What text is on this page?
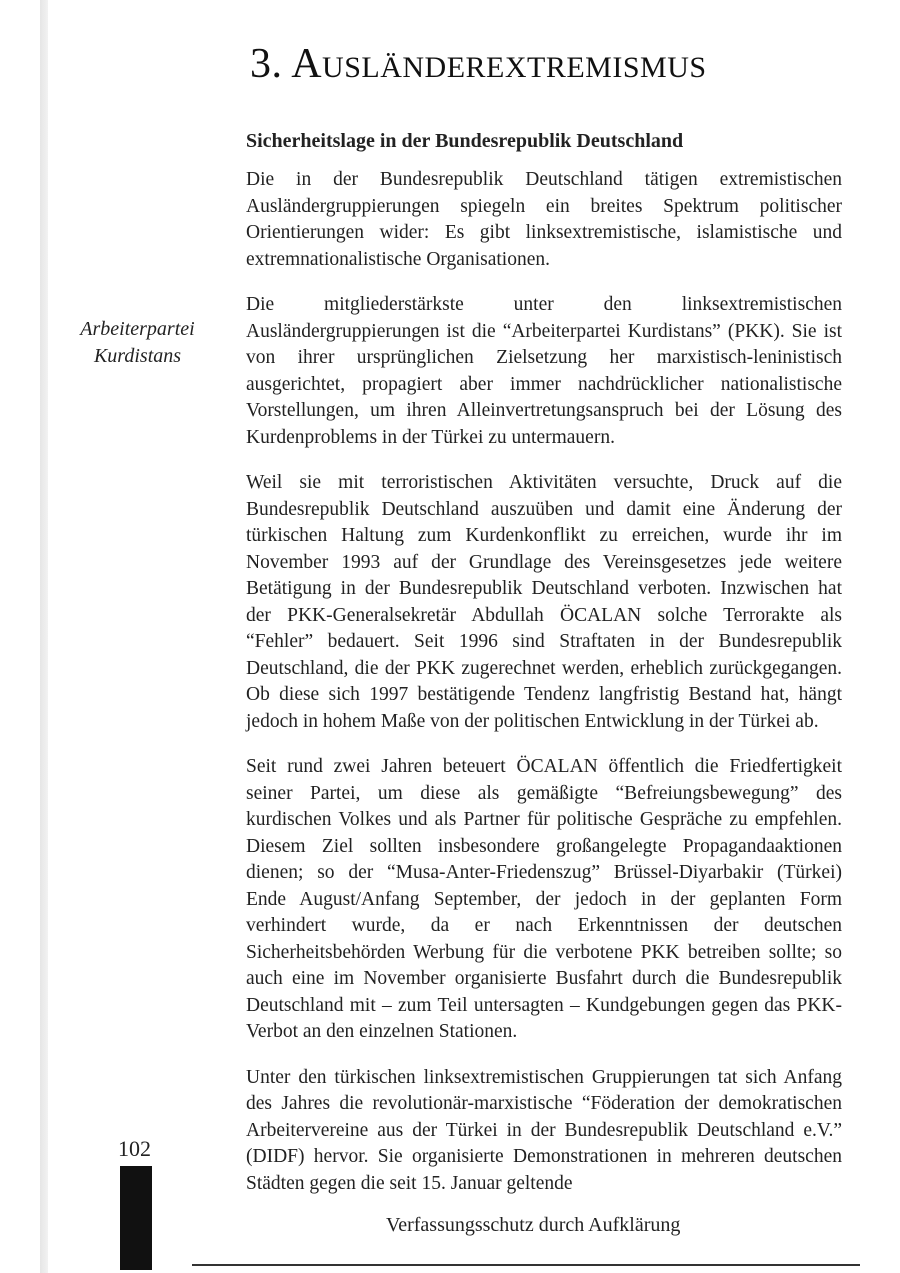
3. AUSLÄNDEREXTREMISMUS
Sicherheitslage in der Bundesrepublik Deutschland
Arbeiterpartei
Kurdistans

Die in der Bundesrepublik Deutschland tätigen extremistischen Ausländergruppierungen spiegeln ein breites Spektrum politischer Orientierungen wider: Es gibt linksextremistische, islamistische und extremnationalistische Organisationen.

Die mitgliederstärkste unter den linksextremistischen Ausländergruppierungen ist die “Arbeiterpartei Kurdistans” (PKK). Sie ist von ihrer ursprünglichen Zielsetzung her marxistisch-leninistisch ausgerichtet, propagiert aber immer nachdrücklicher nationalistische Vorstellungen, um ihren Alleinvertretungsanspruch bei der Lösung des Kurdenproblems in der Türkei zu untermauern.

Weil sie mit terroristischen Aktivitäten versuchte, Druck auf die Bundesrepublik Deutschland auszuüben und damit eine Änderung der türkischen Haltung zum Kurdenkonflikt zu erreichen, wurde ihr im November 1993 auf der Grundlage des Vereinsgesetzes jede weitere Betätigung in der Bundesrepublik Deutschland verboten. Inzwischen hat der PKK-Generalsekretär Abdullah ÖCALAN solche Terrorakte als “Fehler” bedauert. Seit 1996 sind Straftaten in der Bundesrepublik Deutschland, die der PKK zugerechnet werden, erheblich zurückgegangen. Ob diese sich 1997 bestätigende Tendenz langfristig Bestand hat, hängt jedoch in hohem Maße von der politischen Entwicklung in der Türkei ab.

Seit rund zwei Jahren beteuert ÖCALAN öffentlich die Friedfertigkeit seiner Partei, um diese als gemäßigte “Befreiungsbewegung” des kurdischen Volkes und als Partner für politische Gespräche zu empfehlen. Diesem Ziel sollten insbesondere großangelegte Propagandaaktionen dienen; so der “Musa-Anter-Friedenszug” Brüssel-Diyarbakir (Türkei) Ende August/Anfang September, der jedoch in der geplanten Form verhindert wurde, da er nach Erkenntnissen der deutschen Sicherheitsbehörden Werbung für die verbotene PKK betreiben sollte; so auch eine im November organisierte Busfahrt durch die Bundesrepublik Deutschland mit – zum Teil untersagten – Kundgebungen gegen das PKK-Verbot an den einzelnen Stationen.

Unter den türkischen linksextremistischen Gruppierungen tat sich Anfang des Jahres die revolutionär-marxistische “Föderation der demokratischen Arbeitervereine aus der Türkei in der Bundesrepublik Deutschland e.V.” (DIDF) hervor. Sie organisierte Demonstrationen in mehreren deutschen Städten gegen die seit 15. Januar geltende

102
Verfassungsschutz durch Aufklärung
